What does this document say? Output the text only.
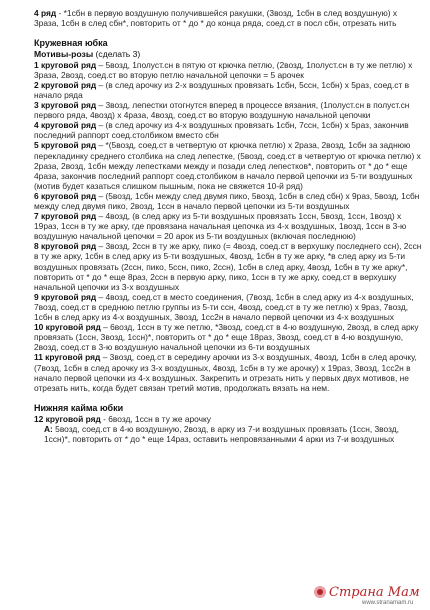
4 ряд - *1сбн в первую воздушную получившейся ракушки, (3возд, 1сбн в след воздушную) х 3раза, 1сбн в след сбн*, повторить от * до * до конца ряда, соед.ст в посл сбн, отрезать нить

Кружевная юбка

Мотивы-розы (сделать 3)

1 круговой ряд – 5возд, 1полуст.сн в пятую от крючка петлю, (2возд, 1полуст.сн в ту же петлю) х 3раза, 2возд, соед.ст во вторую петлю начальной цепочки = 5 арочек

2 круговой ряд – (в след арочку из 2-х воздушных провязать 1сбн, 5ссн, 1сбн) х 5раз, соед.ст в начало ряда

3 круговой ряд – 3возд, лепестки отогнутся вперед в процессе вязания, (1полуст.сн в полуст.сн первого ряда, 4возд) х 4раза, 4возд, соед.ст во вторую воздушную начальной цепочки

4 круговой ряд – (в след арочку из 4-х воздушных провязать 1сбн, 7ссн, 1сбн) х 5раз, закончив последний раппорт соед.столбиком вместо сбн

5 круговой ряд – *(5возд, соед.ст в четвертую от крючка петлю) х 2раза, 2возд, 1сбн за заднюю перекладинку среднего столбика на след лепестке, (5возд, соед.ст в четвертую от крючка петлю) х 2раза, 2возд, 1сбн между лепестками между и позади след лепестков*, повторить от * до * еще 4раза, закончив последний раппорт соед.столбиком в начало первой цепочки из 5-ти воздушных (мотив будет казаться слишком пышным, пока не свяжется 10-й ряд)

6 круговой ряд – (5возд, 1сбн между след двумя пико, 5возд, 1сбн в след сбн) х 9раз, 5возд, 1сбн между след двумя пико, 2возд, 1ссн в начало первой цепочки из 5-ти воздушных

7 круговой ряд – 4возд, (в след арку из 5-ти воздушных провязать 1ссн, 5возд, 1ссн, 1возд) х 19раз, 1ссн в ту же арку, где провязана начальная цепочка из 4-х воздушных, 1возд, 1ссн в 3-ю воздушную начальной цепочки = 20 арок из 5-ти воздушных (включая последнюю)

8 круговой ряд – 3возд, 2ссн в ту же арку, пико (= 4возд, соед.ст в верхушку последнего ссн), 2ссн в ту же арку, 1сбн в след арку из 5-ти воздушных, 4возд, 1сбн в ту же арку, *в след арку из 5-ти воздушных провязать (2ссн, пико, 5ссн, пико, 2ссн), 1сбн в след арку, 4возд, 1сбн в ту же арку*, повторить от * до * еще 8раз, 2ссн в первую арку, пико, 1ссн в ту же арку, соед.ст в верхушку начальной цепочки из 3-х воздушных

9 круговой ряд – 4возд, соед.ст в место соединения, (7возд, 1сбн в след арку из 4-х воздушных, 7возд, соед.ст в среднюю петлю группы из 5-ти ссн, 4возд, соед.ст в ту же петлю) х 9раз, 7возд, 1сбн в след арку из 4-х воздушных, 3возд, 1сс2н в начало первой цепочки из 4-х воздушных

10 круговой ряд – 6возд, 1ссн в ту же петлю, *3возд, соед.ст в 4-ю воздушную, 2возд, в след арку провязать (1ссн, 3возд, 1ссн)*, повторить от * до * еще 18раз, 3возд, соед.ст в 4-ю воздушную, 2возд, соед.ст в 3-ю воздушную начальной цепочки из 6-ти воздушных

11 круговой ряд – 3возд, соед.ст в середину арочки из 3-х воздушных, 4возд, 1сбн в след арочку, (7возд, 1сбн в след арочку из 3-х воздушных, 4возд, 1сбн в ту же арочку) х 19раз, 3возд, 1сс2н в начало первой цепочки из 4-х воздушных. Закрепить и отрезать нить у первых двух мотивов, не отрезать нить, когда будет связан третий мотив, продолжать вязать на нем.

Нижняя кайма юбки

12 круговой ряд - 6возд, 1ссн в ту же арочку

А: 5возд, соед.ст в 4-ю воздушную, 2возд, в арку из 7-и воздушных провязать (1ссн, 3возд, 1ссн)*, повторить от * до * еще 14раз, оставить непровязанными 4 арки из 7-и воздушных

Страна Мам
www.stranamam.ru
